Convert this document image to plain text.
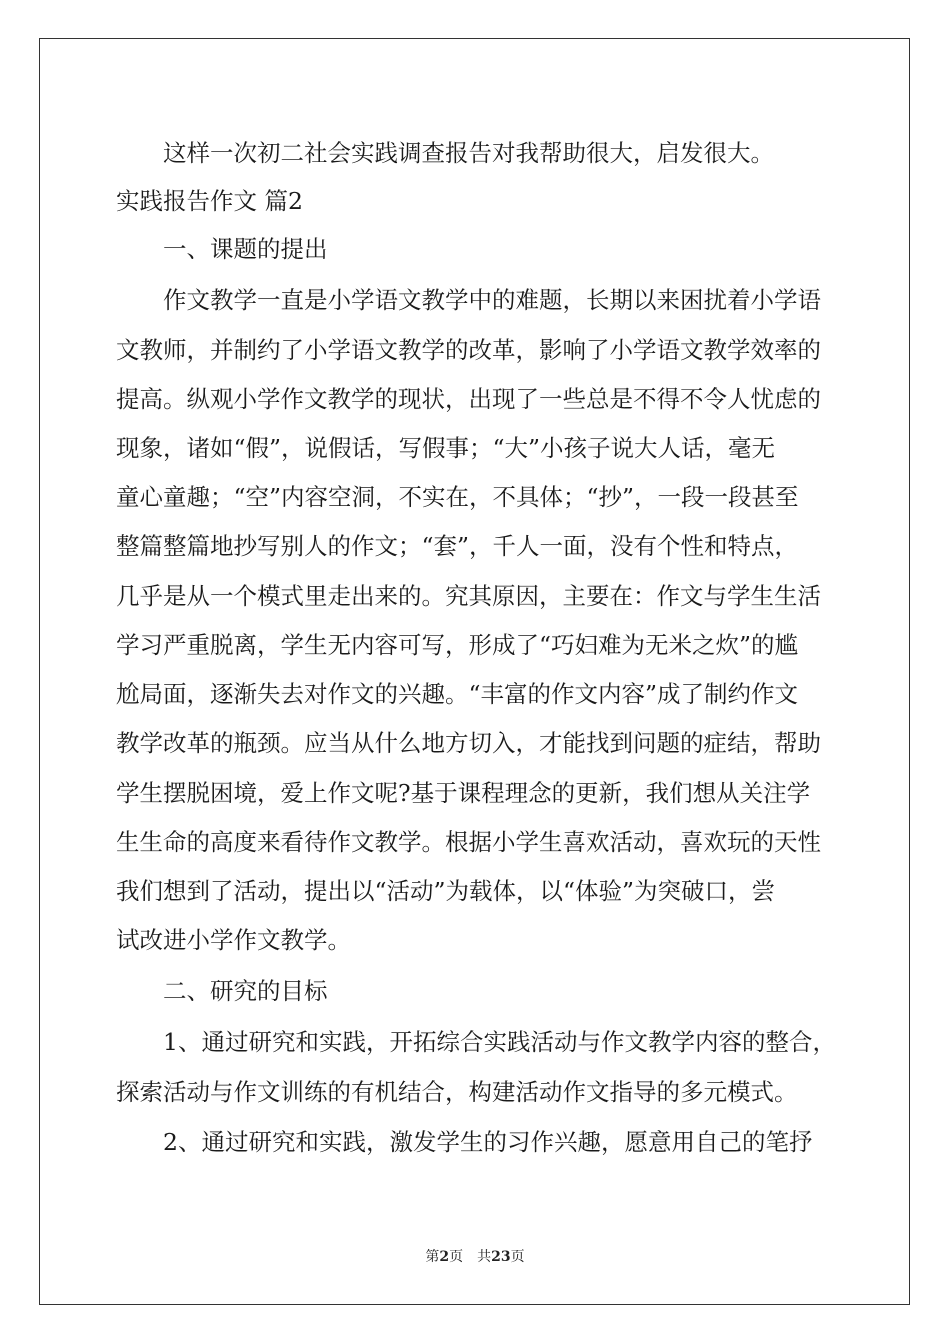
　　这样一次初二社会实践调查报告对我帮助很大，启发很大。
实践报告作文 篇2
　　一、课题的提出
　　作文教学一直是小学语文教学中的难题，长期以来困扰着小学语
文教师，并制约了小学语文教学的改革，影响了小学语文教学效率的
提高。纵观小学作文教学的现状，出现了一些总是不得不令人忧虑的
现象，诸如“假”，说假话，写假事；“大”小孩子说大人话，毫无
童心童趣；“空”内容空洞，不实在，不具体；“抄”，一段一段甚至
整篇整篇地抄写别人的作文；“套”，千人一面，没有个性和特点，
几乎是从一个模式里走出来的。究其原因，主要在：作文与学生生活
学习严重脱离，学生无内容可写，形成了“巧妇难为无米之炊”的尴
尬局面，逐渐失去对作文的兴趣。“丰富的作文内容”成了制约作文
教学改革的瓶颈。应当从什么地方切入，才能找到问题的症结，帮助
学生摆脱困境，爱上作文呢?基于课程理念的更新，我们想从关注学
生生命的高度来看待作文教学。根据小学生喜欢活动，喜欢玩的天性
我们想到了活动，提出以“活动”为载体，以“体验”为突破口，尝
试改进小学作文教学。
　　二、研究的目标
　　1、通过研究和实践，开拓综合实践活动与作文教学内容的整合，
探索活动与作文训练的有机结合，构建活动作文指导的多元模式。
　　2、通过研究和实践，激发学生的习作兴趣，愿意用自己的笔抒
第2页　共23页
